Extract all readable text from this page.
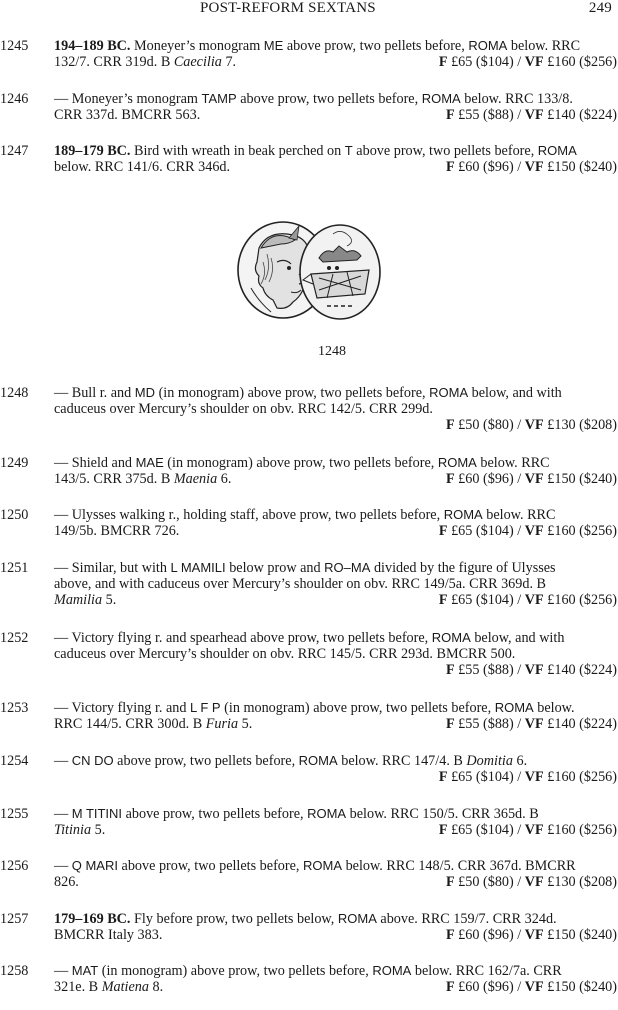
POST-REFORM SEXTANS	249
1245 194–189 BC. Moneyer’s monogram ME above prow, two pellets before, ROMA below. RRC
132/7. CRR 319d. B Caecilia 7.	F £65 ($104) / VF £160 ($256)
1246 — Moneyer’s monogram TAMP above prow, two pellets before, ROMA below. RRC 133/8.
CRR 337d. BMCRR 563.	F £55 ($88) / VF £140 ($224)
1247 189–179 BC. Bird with wreath in beak perched on T above prow, two pellets before, ROMA
below. RRC 141/6. CRR 346d.	F £60 ($96) / VF £150 ($240)
1248
1248 — Bull r. and MD (in monogram) above prow, two pellets before, ROMA below, and with
caduceus over Mercury’s shoulder on obv. RRC 142/5. CRR 299d.
F £50 ($80) / VF £130 ($208)
1249 — Shield and MAE (in monogram) above prow, two pellets before, ROMA below. RRC
143/5. CRR 375d. B Maenia 6.	F £60 ($96) / VF £150 ($240)
1250 — Ulysses walking r., holding staff, above prow, two pellets before, ROMA below. RRC
149/5b. BMCRR 726.	F £65 ($104) / VF £160 ($256)
1251 — Similar, but with L MAMILI below prow and RO–MA divided by the figure of Ulysses
above, and with caduceus over Mercury’s shoulder on obv. RRC 149/5a. CRR 369d. B
Mamilia 5.	F £65 ($104) / VF £160 ($256)
1252 — Victory flying r. and spearhead above prow, two pellets before, ROMA below, and with
caduceus over Mercury’s shoulder on obv. RRC 145/5. CRR 293d. BMCRR 500.
F £55 ($88) / VF £140 ($224)
1253 — Victory flying r. and L F P (in monogram) above prow, two pellets before, ROMA below.
RRC 144/5. CRR 300d. B Furia 5.	F £55 ($88) / VF £140 ($224)
1254 — CN DO above prow, two pellets before, ROMA below. RRC 147/4. B Domitia 6.
F £65 ($104) / VF £160 ($256)
1255 — M TITINI above prow, two pellets before, ROMA below. RRC 150/5. CRR 365d. B
Titinia 5.	F £65 ($104) / VF £160 ($256)
1256 — Q MARI above prow, two pellets before, ROMA below. RRC 148/5. CRR 367d. BMCRR
826.	F £50 ($80) / VF £130 ($208)
1257 179–169 BC. Fly before prow, two pellets below, ROMA above. RRC 159/7. CRR 324d.
BMCRR Italy 383.	F £60 ($96) / VF £150 ($240)
1258 — MAT (in monogram) above prow, two pellets before, ROMA below. RRC 162/7a. CRR
321e. B Matiena 8.	F £60 ($96) / VF £150 ($240)
